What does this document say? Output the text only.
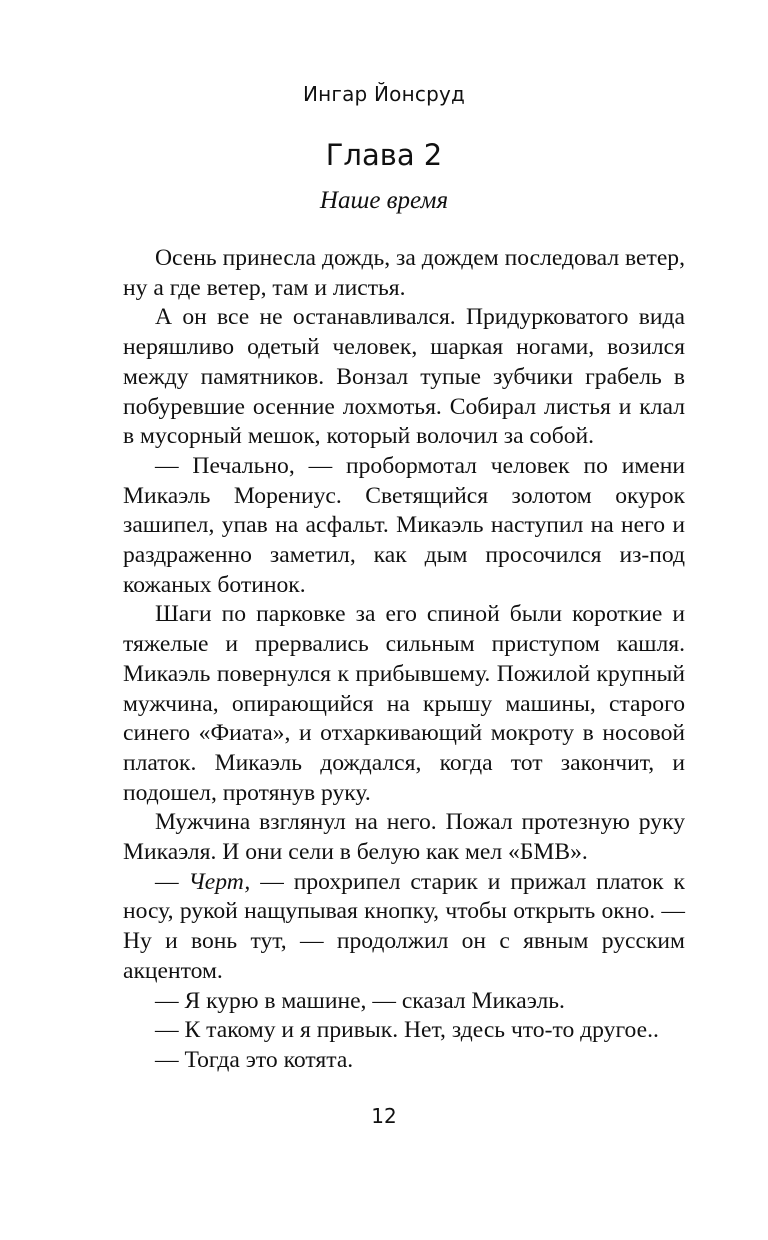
Ингар Йонсруд
Глава 2
Наше время

Осень принесла дождь, за дождем последовал ветер, ну а где ветер, там и листья.

А он все не останавливался. Придурковатого вида неряшливо одетый человек, шаркая ногами, возился между памятников. Вонзал тупые зубчики грабель в побуревшие осенние лохмотья. Собирал листья и клал в мусорный мешок, который волочил за собой.

— Печально, — пробормотал человек по имени Микаэль Морениус. Светящийся золотом окурок зашипел, упав на асфальт. Микаэль наступил на него и раздраженно заметил, как дым просочился из-под кожаных ботинок.

Шаги по парковке за его спиной были короткие и тяжелые и прервались сильным приступом кашля. Микаэль повернулся к прибывшему. Пожилой крупный мужчина, опирающийся на крышу машины, старого синего «Фиата», и отхаркивающий мокроту в носовой платок. Микаэль дождался, когда тот закончит, и подошел, протянув руку.

Мужчина взглянул на него. Пожал протезную руку Микаэля. И они сели в белую как мел «БМВ».

— Черт, — прохрипел старик и прижал платок к носу, рукой нащупывая кнопку, чтобы открыть окно. — Ну и вонь тут, — продолжил он с явным русским акцентом.

— Я курю в машине, — сказал Микаэль.

— К такому и я привык. Нет, здесь что-то другое..

— Тогда это котята.

12
